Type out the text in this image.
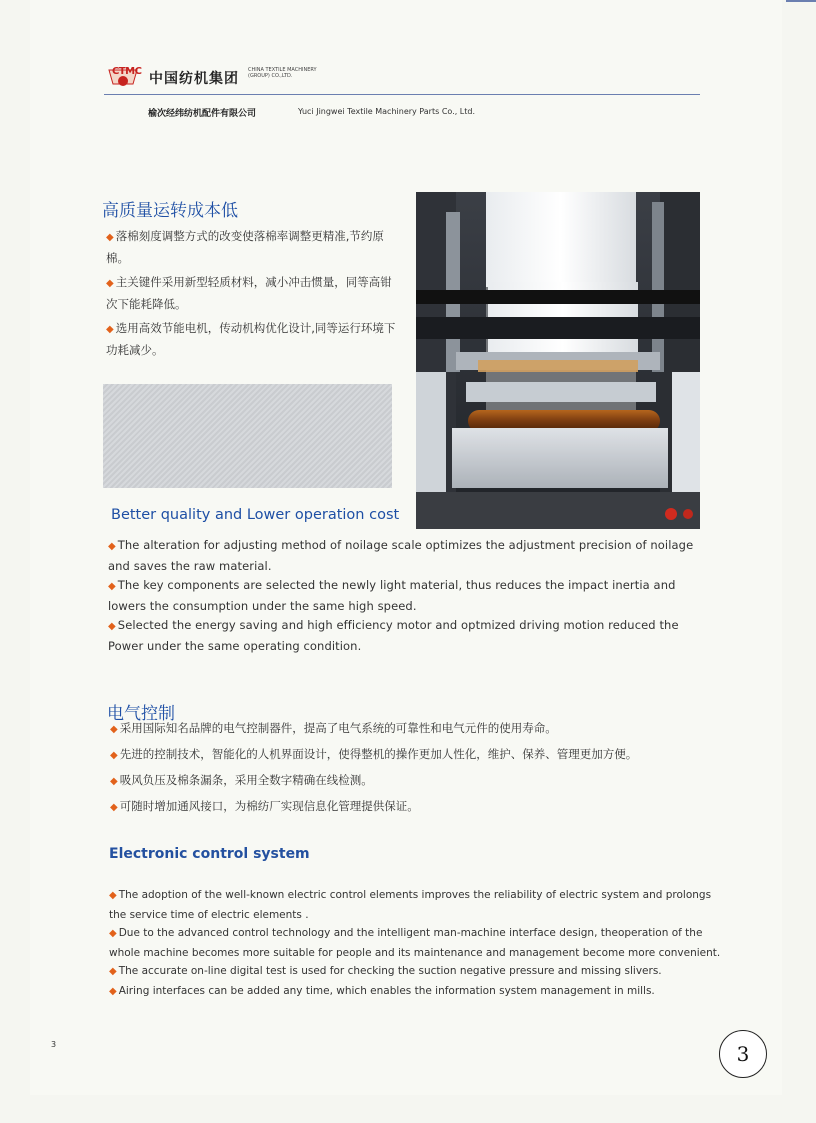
CTMC 中国纺机集团
CHINA TEXTILE MACHINERY
(GROUP) CO.,LTD.
榆次经纬纺机配件有限公司	Yuci Jingwei Textile Machinery Parts Co., Ltd.
高质量运转成本低

◆ 落棉刻度调整方式的改变使落棉率调整更精准,节约原棉。

◆ 主关键件采用新型轻质材料，减小冲击惯量，同等高钳次下能耗降低。

◆ 选用高效节能电机，传动机构优化设计,同等运行环境下功耗减少。

Better quality and Lower operation cost

◆ The alteration for adjusting method of noilage scale optimizes the adjustment precision of noilage and saves the raw material.

◆ The key components are selected the newly light material, thus reduces the impact inertia and lowers the consumption under the same high speed.

◆ Selected the energy saving and high efficiency motor and optmized driving motion reduced the Power under the same operating condition.

电气控制

◆ 采用国际知名品牌的电气控制器件，提高了电气系统的可靠性和电气元件的使用寿命。

◆ 先进的控制技术，智能化的人机界面设计，使得整机的操作更加人性化，维护、保养、管理更加方便。

◆ 吸风负压及棉条漏条，采用全数字精确在线检测。

◆ 可随时增加通风接口，为棉纺厂实现信息化管理提供保证。

Electronic control system

◆ The adoption of the well-known electric control elements improves the reliability of electric system and prolongs the service time of electric elements .

◆ Due to the advanced control technology and the intelligent man-machine interface design, theoperation of the whole machine becomes more suitable for people and its maintenance and management become more convenient.

◆ The accurate on-line digital test is used for checking the suction negative pressure and missing slivers.

◆ Airing interfaces can be added any time, which enables the information system management in mills.

3	3
